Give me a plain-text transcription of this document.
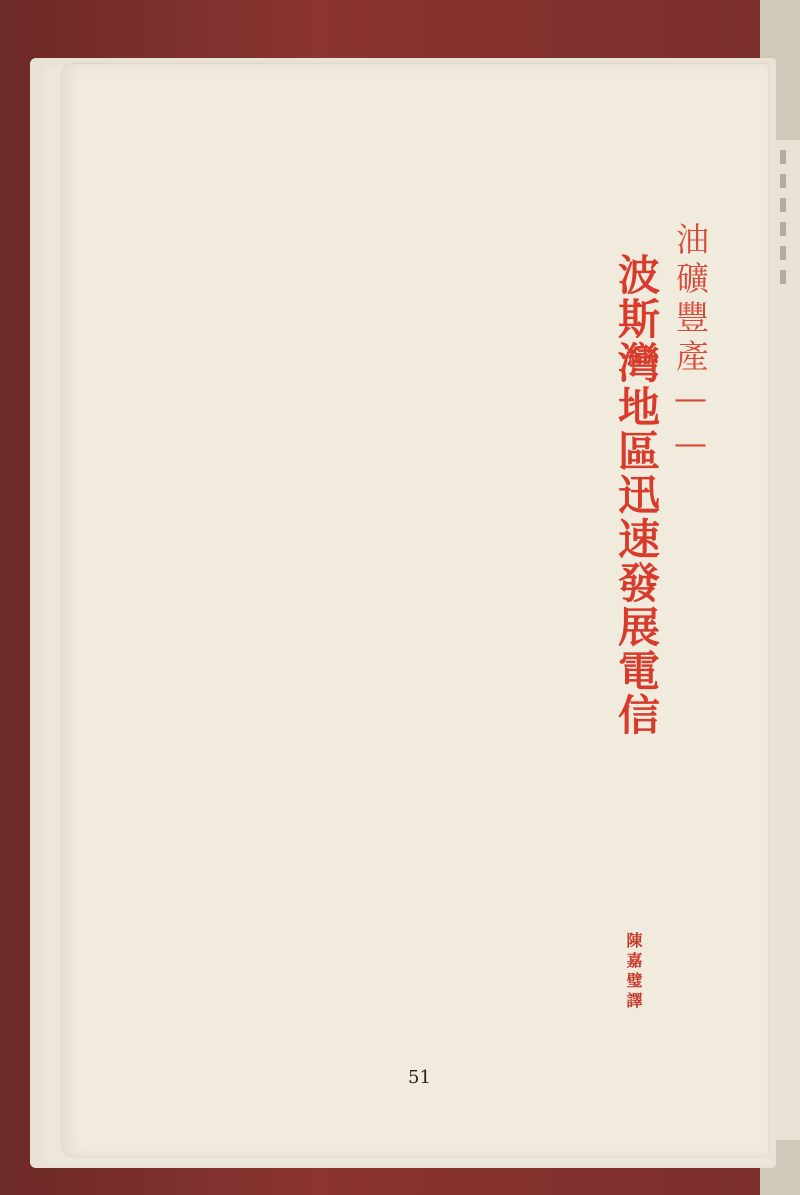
油礦豐產——
波斯灣地區迅速發展電信
陳嘉璧譯
51
